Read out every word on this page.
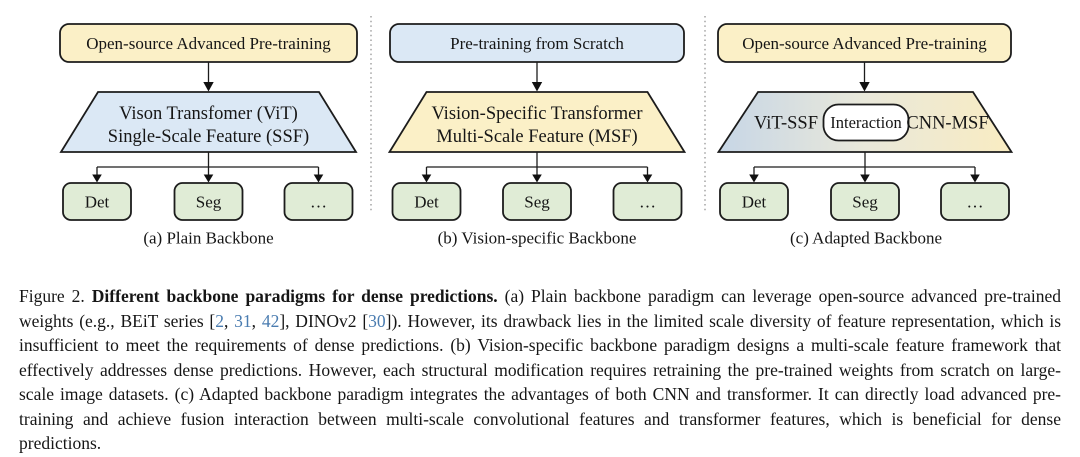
Open-source Advanced Pre-training
Vison Transfomer (ViT)
Single-Scale Feature (SSF)
Det	Seg	…
(a) Plain Backbone
Pre-training from Scratch
Vision-Specific Transformer
Multi-Scale Feature (MSF)
Det	Seg	…
(b) Vision-specific Backbone
Open-source Advanced Pre-training
ViT-SSF Interaction CNN-MSF
Det	Seg	…
(c) Adapted Backbone
Figure 2. Different backbone paradigms for dense predictions. (a) Plain backbone paradigm can leverage open-source advanced pre-trained weights (e.g., BEiT series [2, 31, 42], DINOv2 [30]). However, its drawback lies in the limited scale diversity of feature representation, which is insufficient to meet the requirements of dense predictions. (b) Vision-specific backbone paradigm designs a multi-scale feature framework that effectively addresses dense predictions. However, each structural modification requires retraining the pre-trained weights from scratch on large-scale image datasets. (c) Adapted backbone paradigm integrates the advantages of both CNN and transformer. It can directly load advanced pre-training and achieve fusion interaction between multi-scale convolutional features and transformer features, which is beneficial for dense predictions.
